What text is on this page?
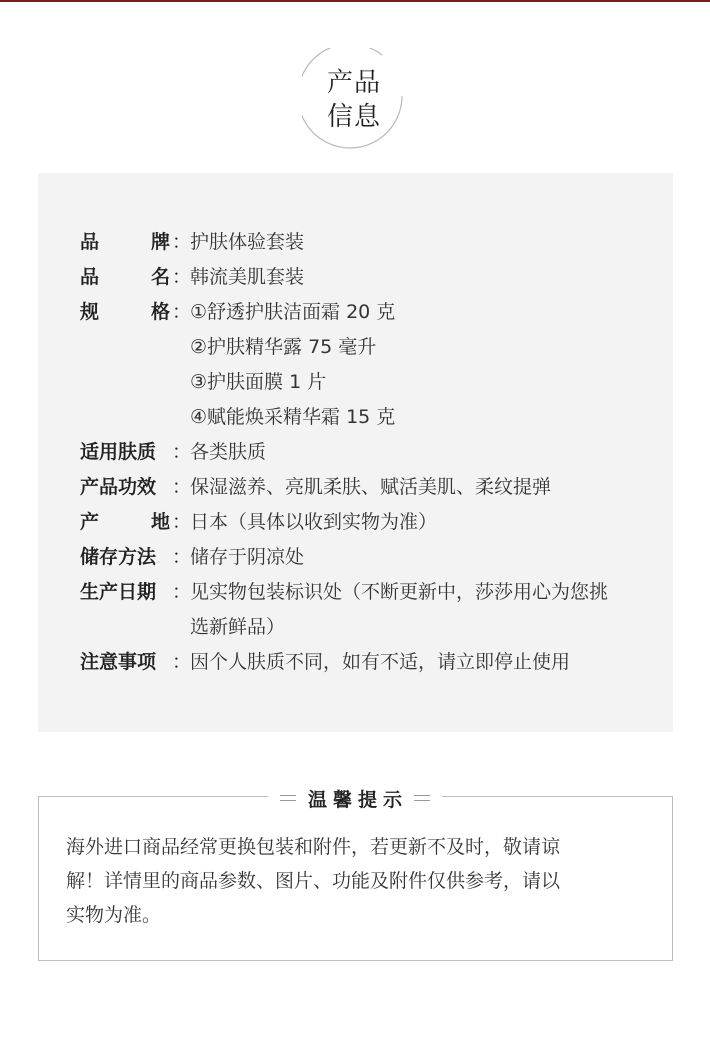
产品
信息
品	牌 ：
护肤体验套装
品	名 ：
韩流美肌套装
规	格 ：
①舒透护肤洁面霜 20 克
②护肤精华露 75 毫升
③护肤面膜 1 片
④赋能焕采精华霜 15 克
适用肤质 ：
各类肤质
产品功效 ：
保湿滋养、亮肌柔肤、赋活美肌、柔纹提弹
产	地 ：
日本（具体以收到实物为准）
储存方法 ：
储存于阴凉处
生产日期 ：
见实物包装标识处（不断更新中，莎莎用心为您挑
选新鲜品）
注意事项 ：
因个人肤质不同，如有不适，请立即停止使用
温馨提示
海外进口商品经常更换包装和附件，若更新不及时，敬请谅
解！详情里的商品参数、图片、功能及附件仅供参考，请以
实物为准。
